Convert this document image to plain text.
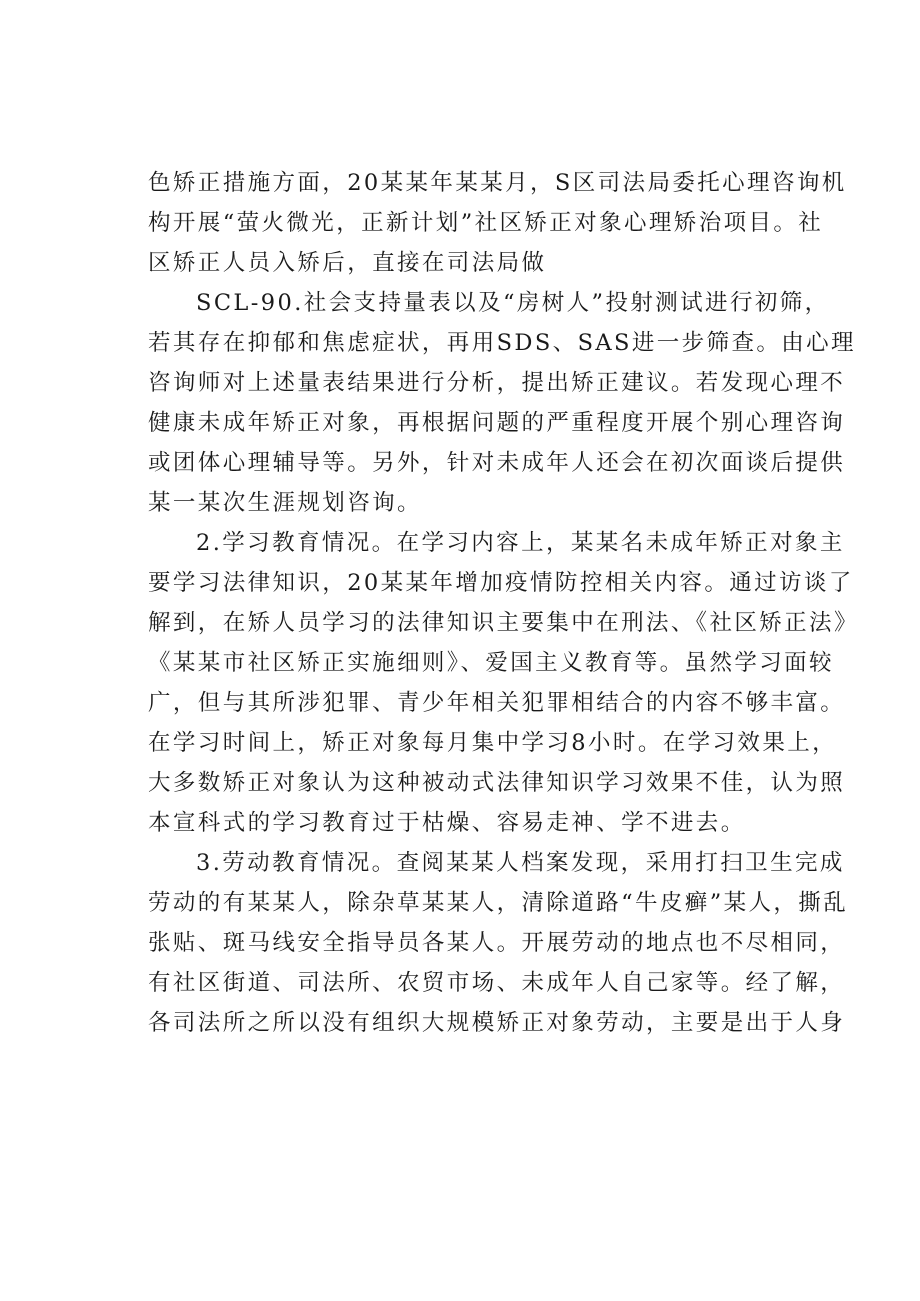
色矫正措施方面，20某某年某某月，S区司法局委托心理咨询机

构开展“萤火微光，正新计划”社区矫正对象心理矫治项目。社

区矫正人员入矫后，直接在司法局做

SCL-90.社会支持量表以及“房树人”投射测试进行初筛，

若其存在抑郁和焦虑症状，再用SDS、SAS进一步筛查。由心理

咨询师对上述量表结果进行分析，提出矫正建议。若发现心理不

健康未成年矫正对象，再根据问题的严重程度开展个别心理咨询

或团体心理辅导等。另外，针对未成年人还会在初次面谈后提供

某一某次生涯规划咨询。

2.学习教育情况。在学习内容上，某某名未成年矫正对象主

要学习法律知识，20某某年增加疫情防控相关内容。通过访谈了

解到，在矫人员学习的法律知识主要集中在刑法、《社区矫正法》

《某某市社区矫正实施细则》、爱国主义教育等。虽然学习面较

广，但与其所涉犯罪、青少年相关犯罪相结合的内容不够丰富。

在学习时间上，矫正对象每月集中学习8小时。在学习效果上，

大多数矫正对象认为这种被动式法律知识学习效果不佳，认为照

本宣科式的学习教育过于枯燥、容易走神、学不进去。

3.劳动教育情况。查阅某某人档案发现，采用打扫卫生完成

劳动的有某某人，除杂草某某人，清除道路“牛皮癣”某人，撕乱

张贴、斑马线安全指导员各某人。开展劳动的地点也不尽相同，

有社区街道、司法所、农贸市场、未成年人自己家等。经了解，

各司法所之所以没有组织大规模矫正对象劳动，主要是出于人身
